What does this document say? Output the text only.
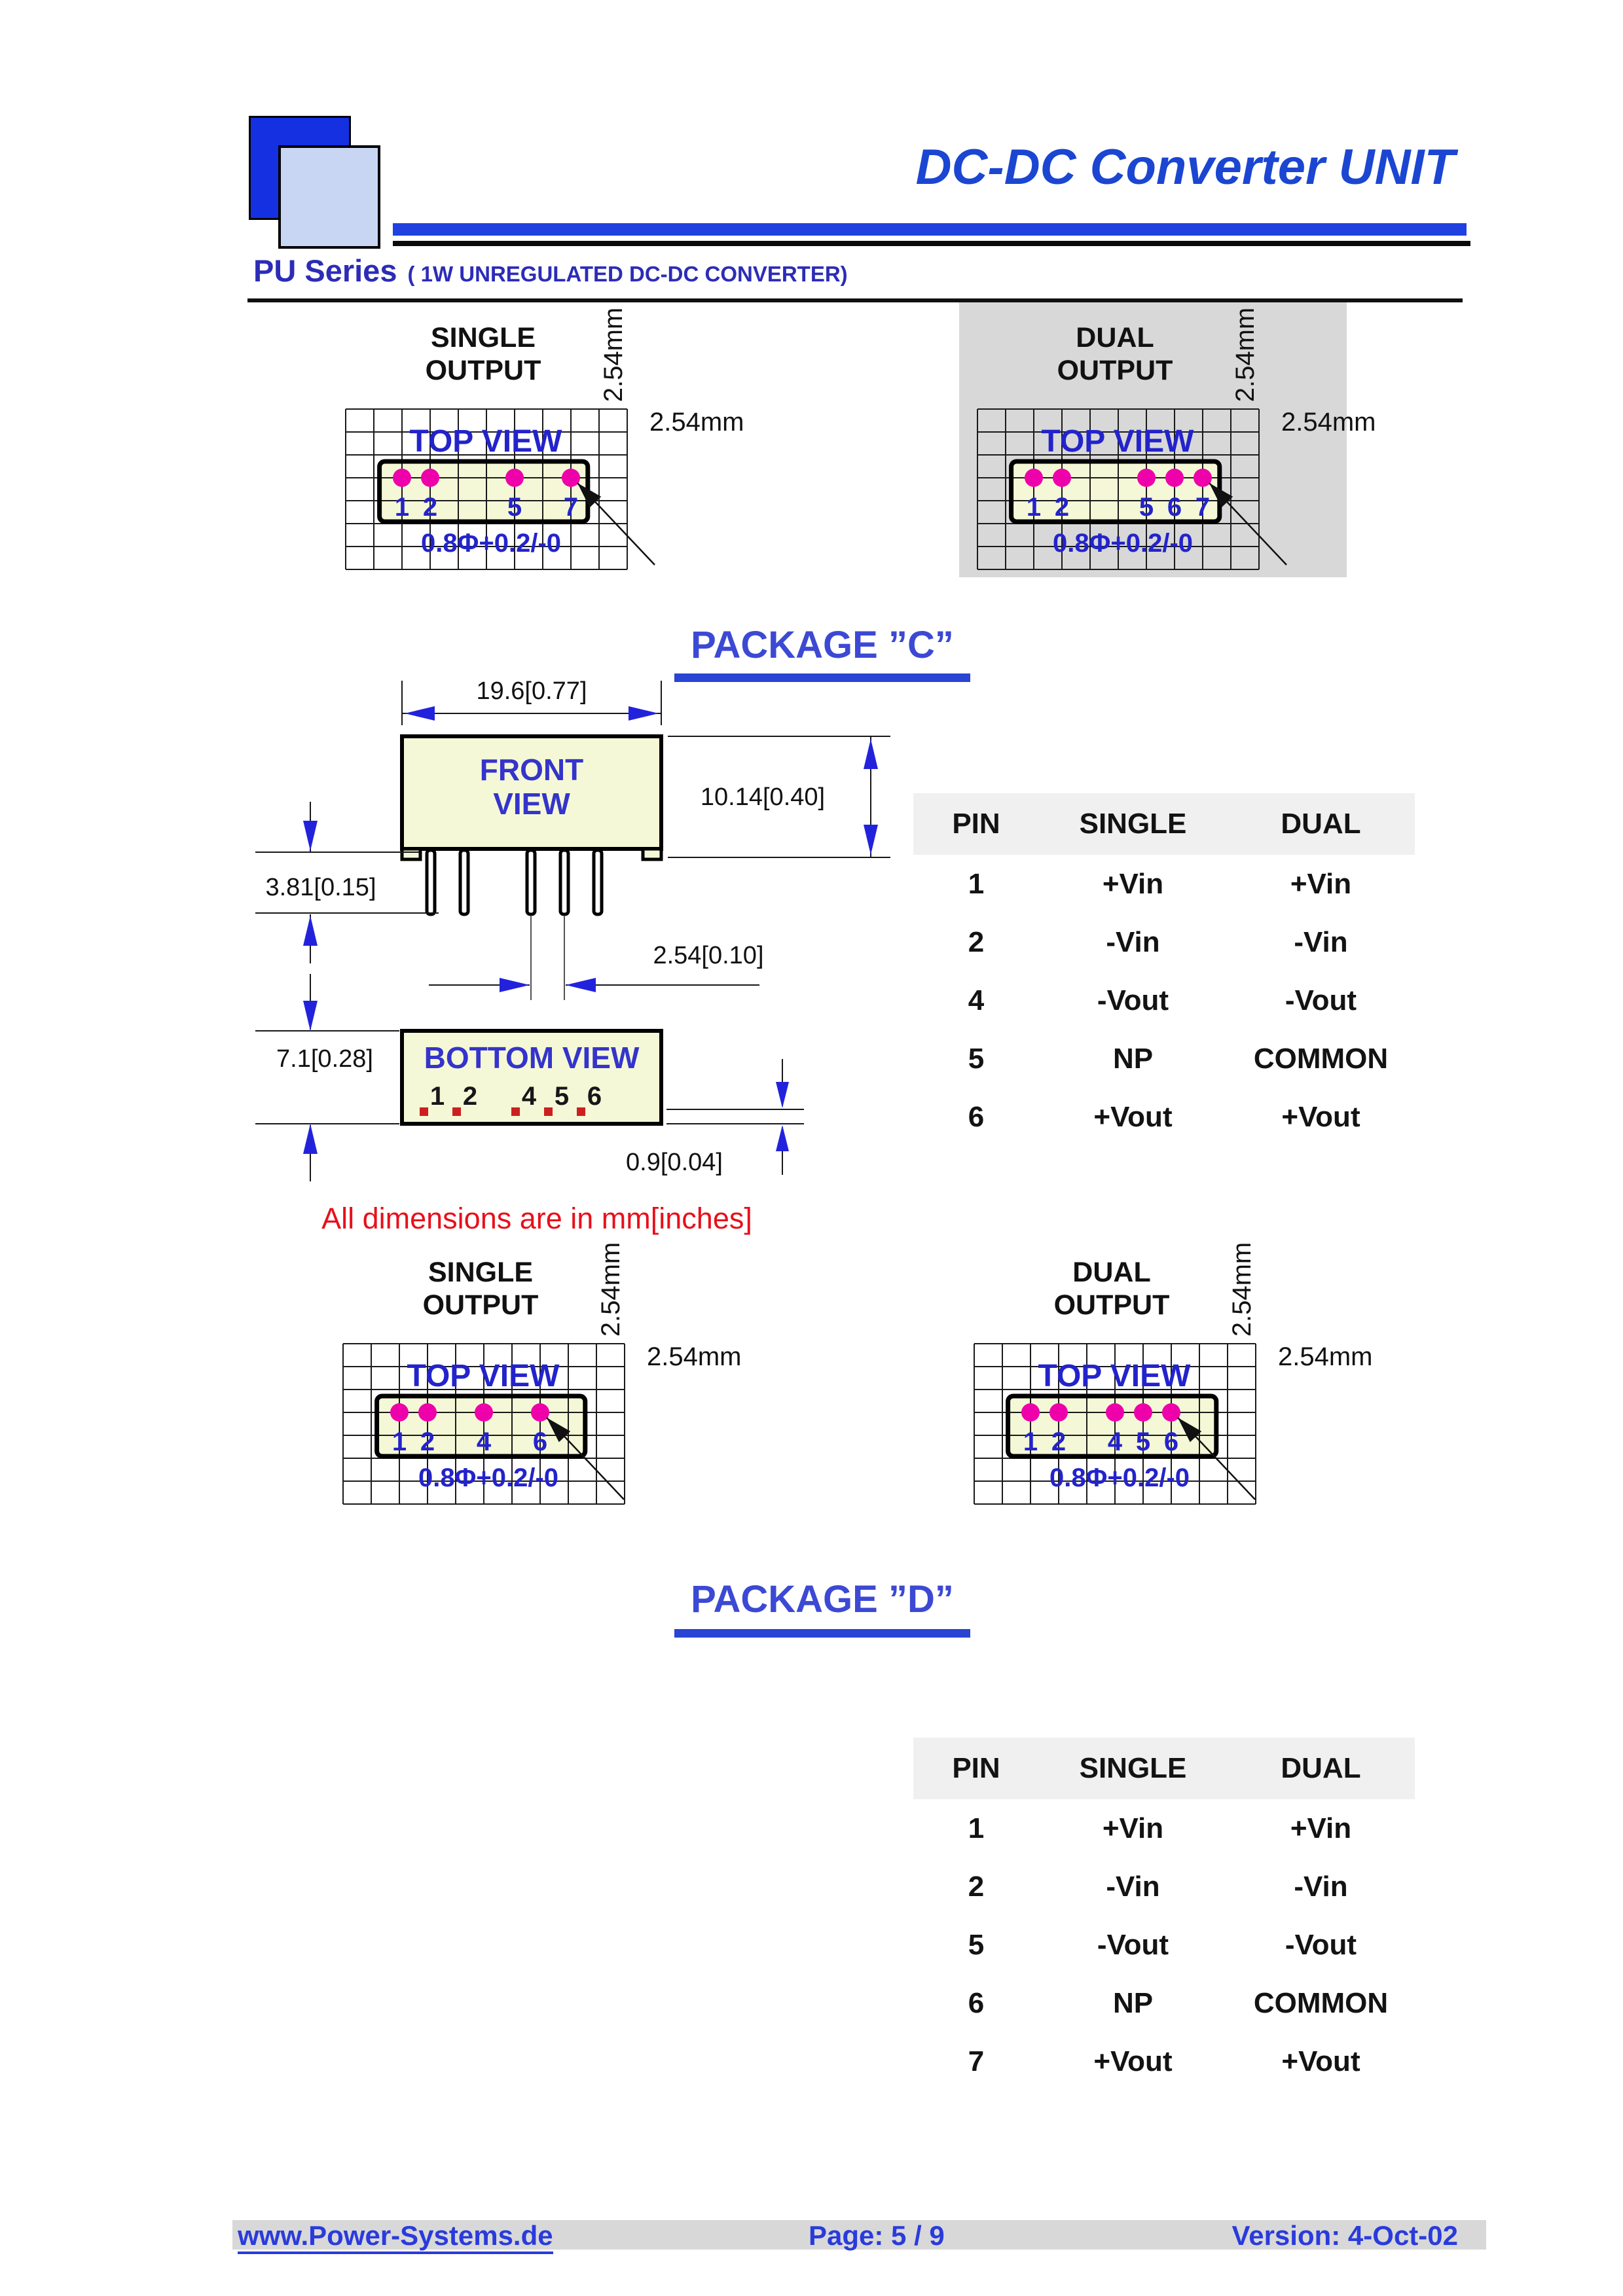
DC-DC Converter UNIT
PU Series ( 1W UNREGULATED DC-DC CONVERTER)
SINGLE
OUTPUT 2.54mm
TOP VIEW
2.54mm
1 2	5 7
0.8Φ+0.2/-0
DUAL
OUTPUT 2.54mm
TOP VIEW
2.54mm
1 2	5 6 7
0.8Φ+0.2/-0
SINGLE
OUTPUT 2.54mm
TOP VIEW
2.54mm
1 2 4 6
0.8Φ+0.2/-0
DUAL
OUTPUT 2.54mm
TOP VIEW
2.54mm
1 2 4 5 6
0.8Φ+0.2/-0
PACKAGE ”C”
19.6[0.77]
FRONT
VIEW	10.14[0.40]
3.81[0.15]
2.54[0.10]
7.1[0.28] BOTTOM VIEW
1 2 4 5 6
0.9[0.04]
All dimensions are in mm[inches]
PACKAGE ”D”
PIN	SINGLE	DUAL
1	+Vin	+Vin
2	-Vin	-Vin
4	-Vout	-Vout
5	NP	COMMON
6	+Vout	+Vout
PIN	SINGLE	DUAL
1	+Vin	+Vin
2	-Vin	-Vin
5	-Vout	-Vout
6	NP	COMMON
7	+Vout	+Vout
www.Power-Systems.de	Page: 5 / 9	Version: 4-Oct-02
